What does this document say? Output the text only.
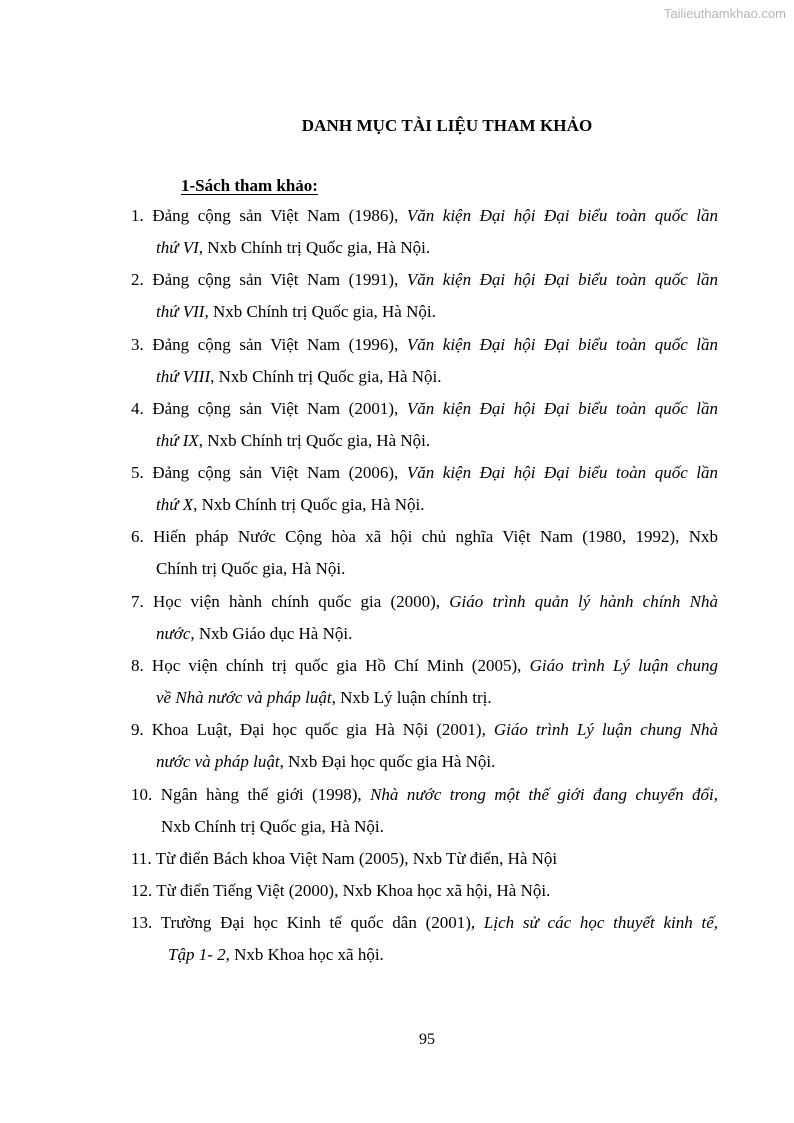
Tailieuthamkhao.com
DANH MỤC TÀI LIỆU THAM KHẢO
1-Sách tham khảo:
1. Đảng cộng sản Việt Nam (1986), Văn kiện Đại hội Đại biểu toàn quốc lần
thứ VI, Nxb Chính trị Quốc gia, Hà Nội.
2. Đảng cộng sản Việt Nam (1991), Văn kiện Đại hội Đại biểu toàn quốc lần
thứ VII, Nxb Chính trị Quốc gia, Hà Nội.
3. Đảng cộng sản Việt Nam (1996), Văn kiện Đại hội Đại biểu toàn quốc lần
thứ VIII, Nxb Chính trị Quốc gia, Hà Nội.
4. Đảng cộng sản Việt Nam (2001), Văn kiện Đại hội Đại biểu toàn quốc lần
thứ IX, Nxb Chính trị Quốc gia, Hà Nội.
5. Đảng cộng sản Việt Nam (2006), Văn kiện Đại hội Đại biểu toàn quốc lần
thứ X, Nxb Chính trị Quốc gia, Hà Nội.
6. Hiến pháp Nước Cộng hòa xã hội chủ nghĩa Việt Nam (1980, 1992), Nxb
Chính trị Quốc gia, Hà Nội.
7. Học viện hành chính quốc gia (2000), Giáo trình quản lý hành chính Nhà
nước, Nxb Giáo dục Hà Nội.
8. Học viện chính trị quốc gia Hồ Chí Minh (2005), Giáo trình Lý luận chung
về Nhà nước và pháp luật, Nxb Lý luận chính trị.
9. Khoa Luật, Đại học quốc gia Hà Nội (2001), Giáo trình Lý luận chung Nhà
nước và pháp luật, Nxb Đại học quốc gia Hà Nội.
10. Ngân hàng thế giới (1998), Nhà nước trong một thế giới đang chuyển đổi,
Nxb Chính trị Quốc gia, Hà Nội.
11. Từ điển Bách khoa Việt Nam (2005), Nxb Từ điển, Hà Nội
12. Từ điển Tiếng Việt (2000), Nxb Khoa học xã hội, Hà Nội.
13. Trường Đại học Kinh tế quốc dân (2001), Lịch sử các học thuyết kinh tế,
Tập 1- 2, Nxb Khoa học xã hội.
95
